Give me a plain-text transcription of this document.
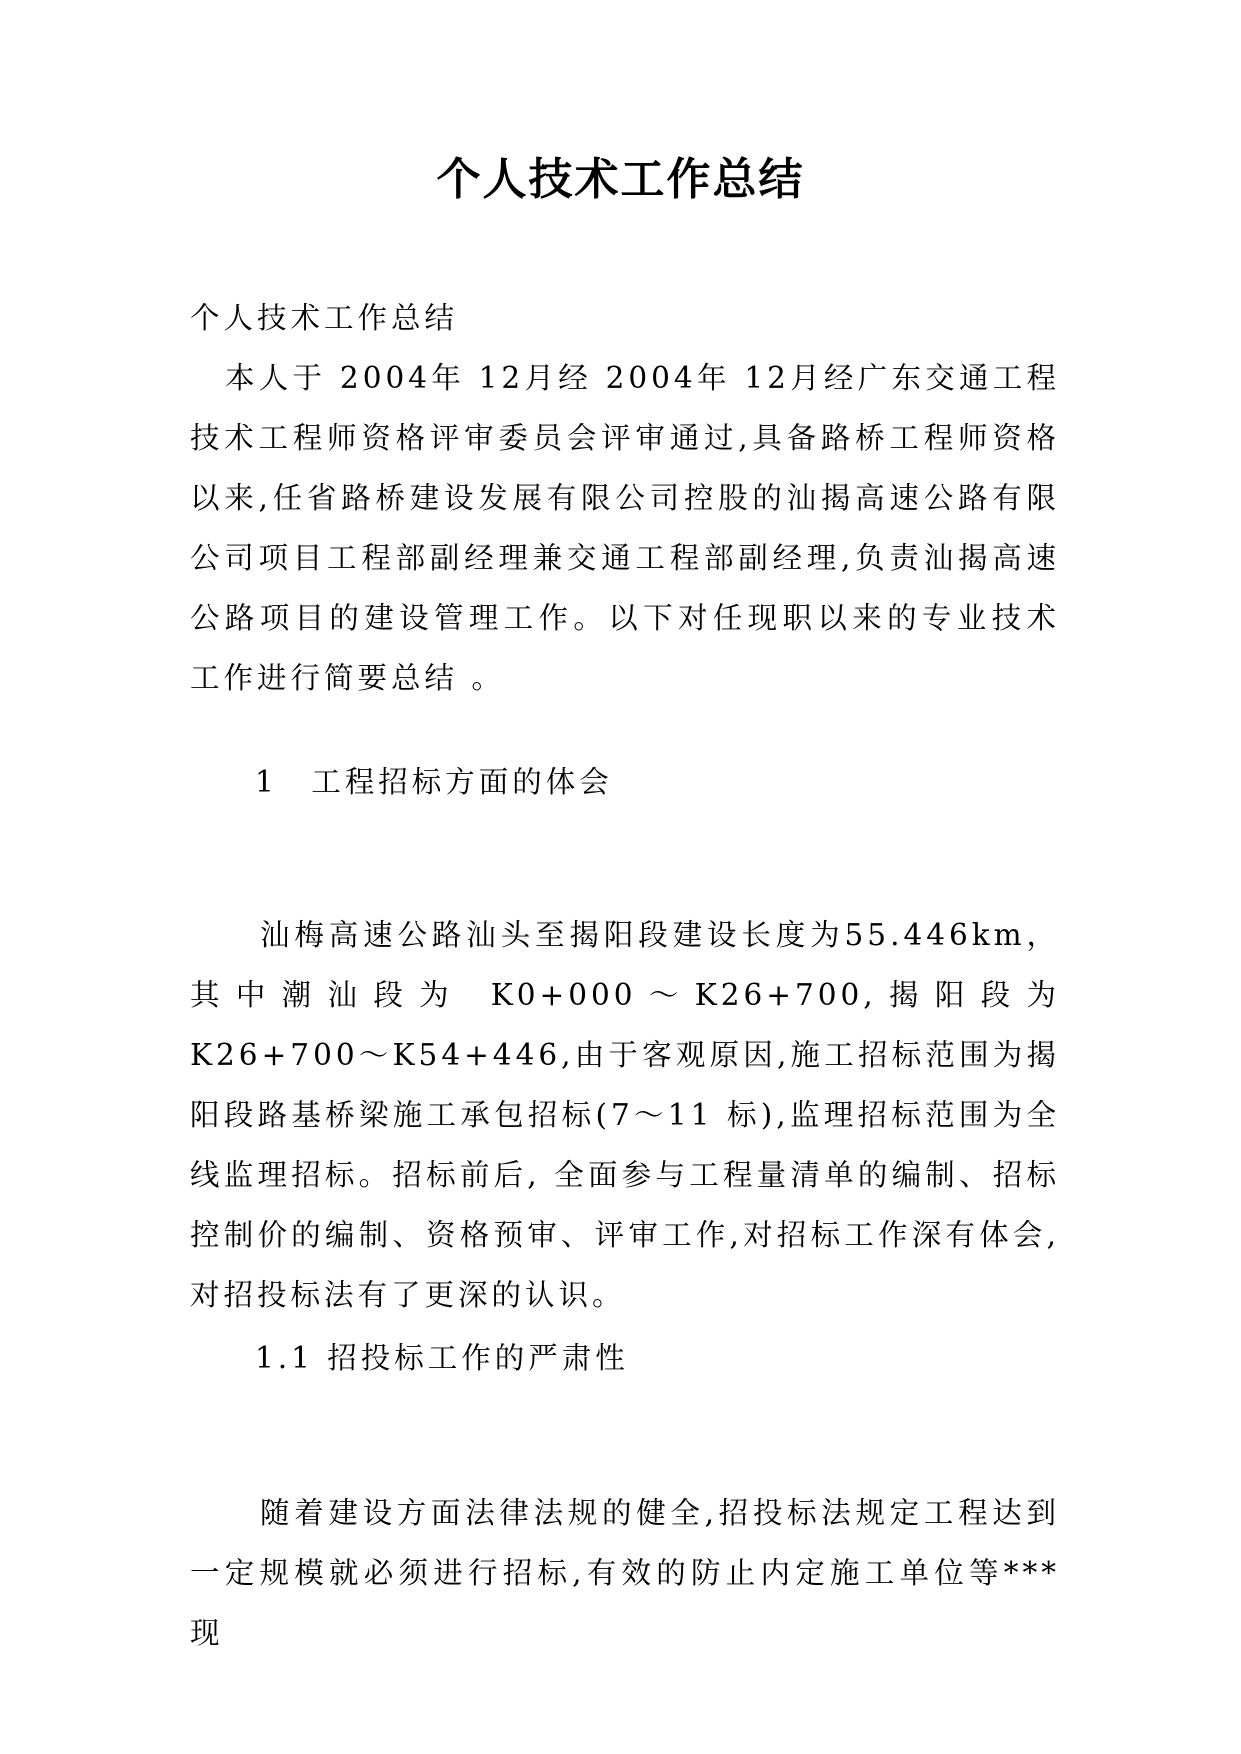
个人技术工作总结

个人技术工作总结

本人于 2004年 12月经 2004年 12月经广东交通工程技术工程师资格评审委员会评审通过,具备路桥工程师资格以来,任省路桥建设发展有限公司控股的汕揭高速公路有限公司项目工程部副经理兼交通工程部副经理,负责汕揭高速公路项目的建设管理工作。以下对任现职以来的专业技术工作进行简要总结 。

1　工程招标方面的体会

汕梅高速公路汕头至揭阳段建设长度为55.446km，其中潮汕段为 K0+000～K26+700,揭阳段为K26+700～K54+446,由于客观原因,施工招标范围为揭阳段路基桥梁施工承包招标(7～11 标),监理招标范围为全线监理招标。招标前后, 全面参与工程量清单的编制、招标控制价的编制、资格预审、评审工作,对招标工作深有体会,对招投标法有了更深的认识。

1.1 招投标工作的严肃性

随着建设方面法律法规的健全,招投标法规定工程达到一定规模就必须进行招标,有效的防止内定施工单位等***现
